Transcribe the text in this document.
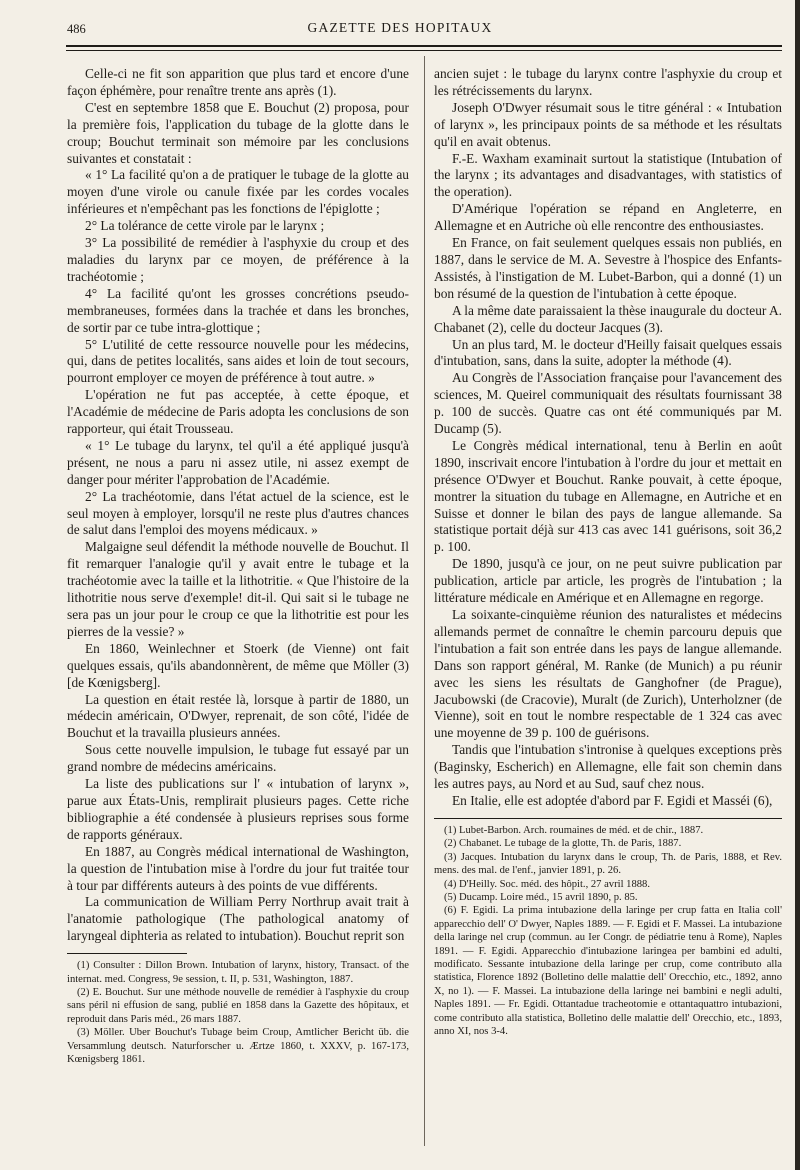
486	GAZETTE DES HOPITAUX

Celle-ci ne fit son apparition que plus tard et encore d'une façon éphémère, pour renaître trente ans après (1).

C'est en septembre 1858 que E. Bouchut (2) proposa, pour la première fois, l'application du tubage de la glotte dans le croup; Bouchut terminait son mémoire par les conclusions suivantes et constatait :

« 1° La facilité qu'on a de pratiquer le tubage de la glotte au moyen d'une virole ou canule fixée par les cordes vocales inférieures et n'empêchant pas les fonctions de l'épiglotte ;

2° La tolérance de cette virole par le larynx ;

3° La possibilité de remédier à l'asphyxie du croup et des maladies du larynx par ce moyen, de préférence à la trachéotomie ;

4° La facilité qu'ont les grosses concrétions pseudo-membraneuses, formées dans la trachée et dans les bronches, de sortir par ce tube intra-glottique ;

5° L'utilité de cette ressource nouvelle pour les médecins, qui, dans de petites localités, sans aides et loin de tout secours, pourront employer ce moyen de préférence à tout autre. »

L'opération ne fut pas acceptée, à cette époque, et l'Académie de médecine de Paris adopta les conclusions de son rapporteur, qui était Trousseau.

« 1° Le tubage du larynx, tel qu'il a été appliqué jusqu'à présent, ne nous a paru ni assez utile, ni assez exempt de danger pour mériter l'approbation de l'Académie.

2° La trachéotomie, dans l'état actuel de la science, est le seul moyen à employer, lorsqu'il ne reste plus d'autres chances de salut dans l'emploi des moyens médicaux. »

Malgaigne seul défendit la méthode nouvelle de Bouchut. Il fit remarquer l'analogie qu'il y avait entre le tubage et la trachéotomie avec la taille et la lithotritie. « Que l'histoire de la lithotritie nous serve d'exemple! dit-il. Qui sait si le tubage ne sera pas un jour pour le croup ce que la lithotritie est pour les pierres de la vessie? »

En 1860, Weinlechner et Stoerk (de Vienne) ont fait quelques essais, qu'ils abandonnèrent, de même que Möller (3) [de Kœnigsberg].

La question en était restée là, lorsque à partir de 1880, un médecin américain, O'Dwyer, reprenait, de son côté, l'idée de Bouchut et la travailla plusieurs années.

Sous cette nouvelle impulsion, le tubage fut essayé par un grand nombre de médecins américains.

La liste des publications sur l' « intubation of larynx », parue aux États-Unis, remplirait plusieurs pages. Cette riche bibliographie a été condensée à plusieurs reprises sous forme de rapports généraux.

En 1887, au Congrès médical international de Washington, la question de l'intubation mise à l'ordre du jour fut traitée tour à tour par différents auteurs à des points de vue différents.

La communication de William Perry Northrup avait trait à l'anatomie pathologique (The pathological anatomy of laryngeal diphteria as related to intubation). Bouchut reprit son

(1) Consulter : Dillon Brown. Intubation of larynx, history, Transact. of the internat. med. Congress, 9e session, t. II, p. 531, Washington, 1887.

(2) E. Bouchut. Sur une méthode nouvelle de remédier à l'asphyxie du croup sans péril ni effusion de sang, publié en 1858 dans la Gazette des hôpitaux, et reproduit dans Paris méd., 26 mars 1887.

(3) Möller. Uber Bouchut's Tubage beim Croup, Amtlicher Bericht üb. die Versammlung deutsch. Naturforscher u. Ærtze 1860, t. XXXV, p. 167-173, Kœnigsberg 1861.

ancien sujet : le tubage du larynx contre l'asphyxie du croup et les rétrécissements du larynx.

Joseph O'Dwyer résumait sous le titre général : « Intubation of larynx », les principaux points de sa méthode et les résultats qu'il en avait obtenus.

F.-E. Waxham examinait surtout la statistique (Intubation of the larynx ; its advantages and disadvantages, with statistics of the operation).

D'Amérique l'opération se répand en Angleterre, en Allemagne et en Autriche où elle rencontre des enthousiastes.

En France, on fait seulement quelques essais non publiés, en 1887, dans le service de M. A. Sevestre à l'hospice des Enfants-Assistés, à l'instigation de M. Lubet-Barbon, qui a donné (1) un bon résumé de la question de l'intubation à cette époque.

A la même date paraissaient la thèse inaugurale du docteur A. Chabanet (2), celle du docteur Jacques (3).

Un an plus tard, M. le docteur d'Heilly faisait quelques essais d'intubation, sans, dans la suite, adopter la méthode (4).

Au Congrès de l'Association française pour l'avancement des sciences, M. Queirel communiquait des résultats fournissant 38 p. 100 de succès. Quatre cas ont été communiqués par M. Ducamp (5).

Le Congrès médical international, tenu à Berlin en août 1890, inscrivait encore l'intubation à l'ordre du jour et mettait en présence O'Dwyer et Bouchut. Ranke pouvait, à cette époque, montrer la situation du tubage en Allemagne, en Autriche et en Suisse et donner le bilan des pays de langue allemande. Sa statistique portait déjà sur 413 cas avec 141 guérisons, soit 36,2 p. 100.

De 1890, jusqu'à ce jour, on ne peut suivre publication par publication, article par article, les progrès de l'intubation ; la littérature médicale en Amérique et en Allemagne en regorge.

La soixante-cinquième réunion des naturalistes et médecins allemands permet de connaître le chemin parcouru depuis que l'intubation a fait son entrée dans les pays de langue allemande. Dans son rapport général, M. Ranke (de Munich) a pu réunir avec les siens les résultats de Ganghofner (de Prague), Jacubowski (de Cracovie), Muralt (de Zurich), Unterholzner (de Vienne), soit en tout le nombre respectable de 1 324 cas avec une moyenne de 39 p. 100 de guérisons.

Tandis que l'intubation s'intronise à quelques exceptions près (Baginsky, Escherich) en Allemagne, elle fait son chemin dans les autres pays, au Nord et au Sud, sauf chez nous.

En Italie, elle est adoptée d'abord par F. Egidi et Masséi (6),

(1) Lubet-Barbon. Arch. roumaines de méd. et de chir., 1887.

(2) Chabanet. Le tubage de la glotte, Th. de Paris, 1887.

(3) Jacques. Intubation du larynx dans le croup, Th. de Paris, 1888, et Rev. mens. des mal. de l'enf., janvier 1891, p. 26.

(4) D'Heilly. Soc. méd. des hôpit., 27 avril 1888.

(5) Ducamp. Loire méd., 15 avril 1890, p. 85.

(6) F. Egidi. La prima intubazione della laringe per crup fatta en Italia coll' apparecchio dell' O' Dwyer, Naples 1889. — F. Egidi et F. Massei. La intubazione della laringe nel crup (commun. au Ier Congr. de pédiatrie tenu à Rome), Naples 1891. — F. Egidi. Apparecchio d'intubazione laringea per bambini ed adulti, modificato. Sessante intubazione della laringe per crup, come contributo alla statistica, Florence 1892 (Bolletino delle malattie dell' Orecchio, etc., 1892, anno X, no 1). — F. Massei. La intubazione della laringe nei bambini e negli adulti, Naples 1891. — Fr. Egidi. Ottantadue tracheotomie e ottantaquattro intubazioni, come contributo alla statistica, Bolletino delle malattie dell' Orecchio, etc., 1893, anno XI, nos 3-4.
